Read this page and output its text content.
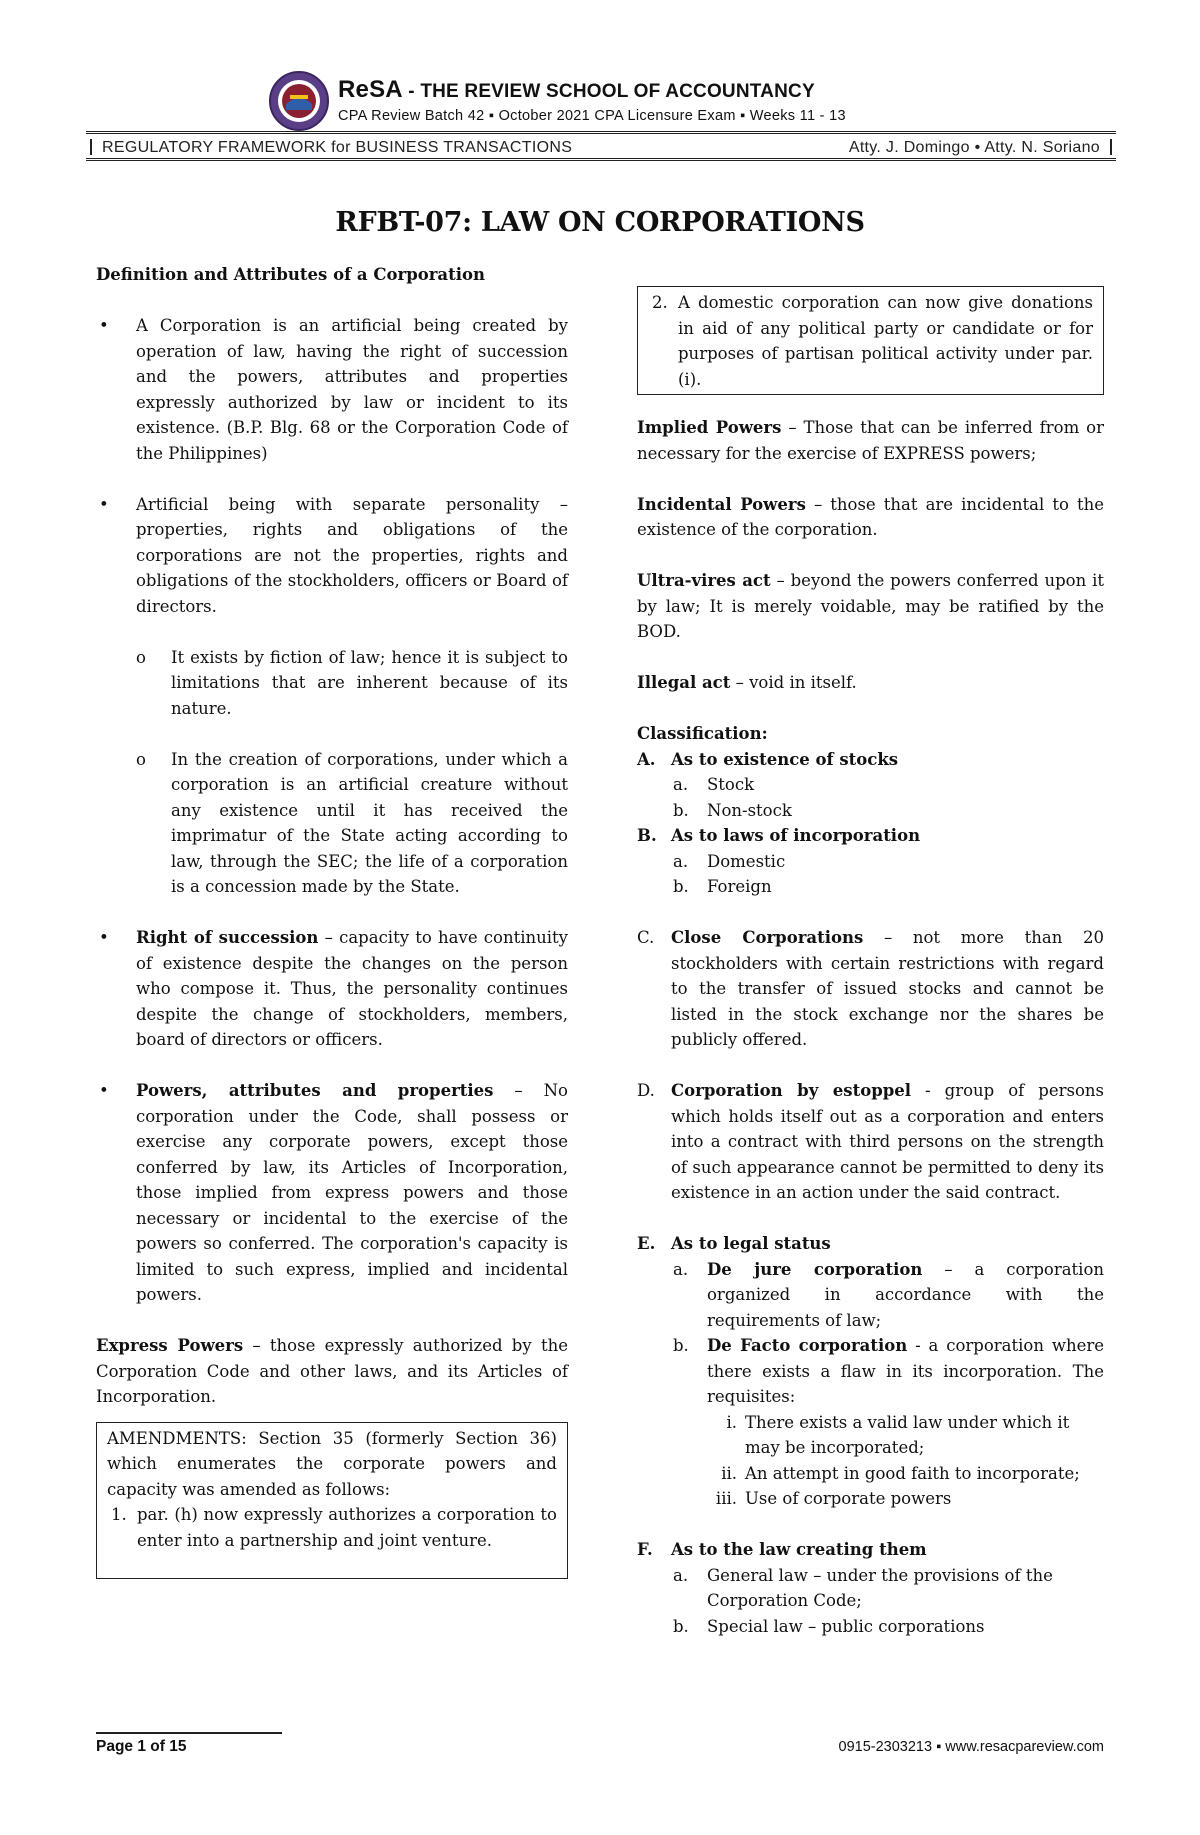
ReSA - THE REVIEW SCHOOL OF ACCOUNTANCY
CPA Review Batch 42 ▪ October 2021 CPA Licensure Exam ▪ Weeks 11 - 13
REGULATORY FRAMEWORK for BUSINESS TRANSACTIONS	Atty. J. Domingo • Atty. N. Soriano
RFBT-07: LAW ON CORPORATIONS

Definition and Attributes of a Corporation

• A Corporation is an artificial being created by operation of law, having the right of succession and the powers, attributes and properties expressly authorized by law or incident to its existence. (B.P. Blg. 68 or the Corporation Code of the Philippines)
• Artificial being with separate personality – properties, rights and obligations of the corporations are not the properties, rights and obligations of the stockholders, officers or Board of directors.
o It exists by fiction of law; hence it is subject to limitations that are inherent because of its nature.
o In the creation of corporations, under which a corporation is an artificial creature without any existence until it has received the imprimatur of the State acting according to law, through the SEC; the life of a corporation is a concession made by the State.
• Right of succession – capacity to have continuity of existence despite the changes on the person who compose it. Thus, the personality continues despite the change of stockholders, members, board of directors or officers.
• Powers, attributes and properties – No corporation under the Code, shall possess or exercise any corporate powers, except those conferred by law, its Articles of Incorporation, those implied from express powers and those necessary or incidental to the exercise of the powers so conferred. The corporation's capacity is limited to such express, implied and incidental powers.

Express Powers – those expressly authorized by the Corporation Code and other laws, and its Articles of Incorporation.

AMENDMENTS: Section 35 (formerly Section 36) which enumerates the corporate powers and capacity was amended as follows:

1. par. (h) now expressly authorizes a corporation to enter into a partnership and joint venture.
2. A domestic corporation can now give donations in aid of any political party or candidate or for purposes of partisan political activity under par. (i).

Implied Powers – Those that can be inferred from or necessary for the exercise of EXPRESS powers;

Incidental Powers – those that are incidental to the existence of the corporation.

Ultra-vires act – beyond the powers conferred upon it by law; It is merely voidable, may be ratified by the BOD.

Illegal act – void in itself.

Classification:

A. As to existence of stocks
a. Stock
b. Non-stock
B. As to laws of incorporation
a. Domestic
b. Foreign
C. Close Corporations – not more than 20 stockholders with certain restrictions with regard to the transfer of issued stocks and cannot be listed in the stock exchange nor the shares be publicly offered.
D. Corporation by estoppel - group of persons which holds itself out as a corporation and enters into a contract with third persons on the strength of such appearance cannot be permitted to deny its existence in an action under the said contract.
E. As to legal status
a. De jure corporation – a corporation organized in accordance with the requirements of law;
b. De Facto corporation - a corporation where there exists a flaw in its incorporation. The requisites:
i. There exists a valid law under which it may be incorporated;
ii. An attempt in good faith to incorporate;
iii. Use of corporate powers
F. As to the law creating them
a. General law – under the provisions of the Corporation Code;
b. Special law – public corporations
Page 1 of 15	0915-2303213 ▪ www.resacpareview.com
